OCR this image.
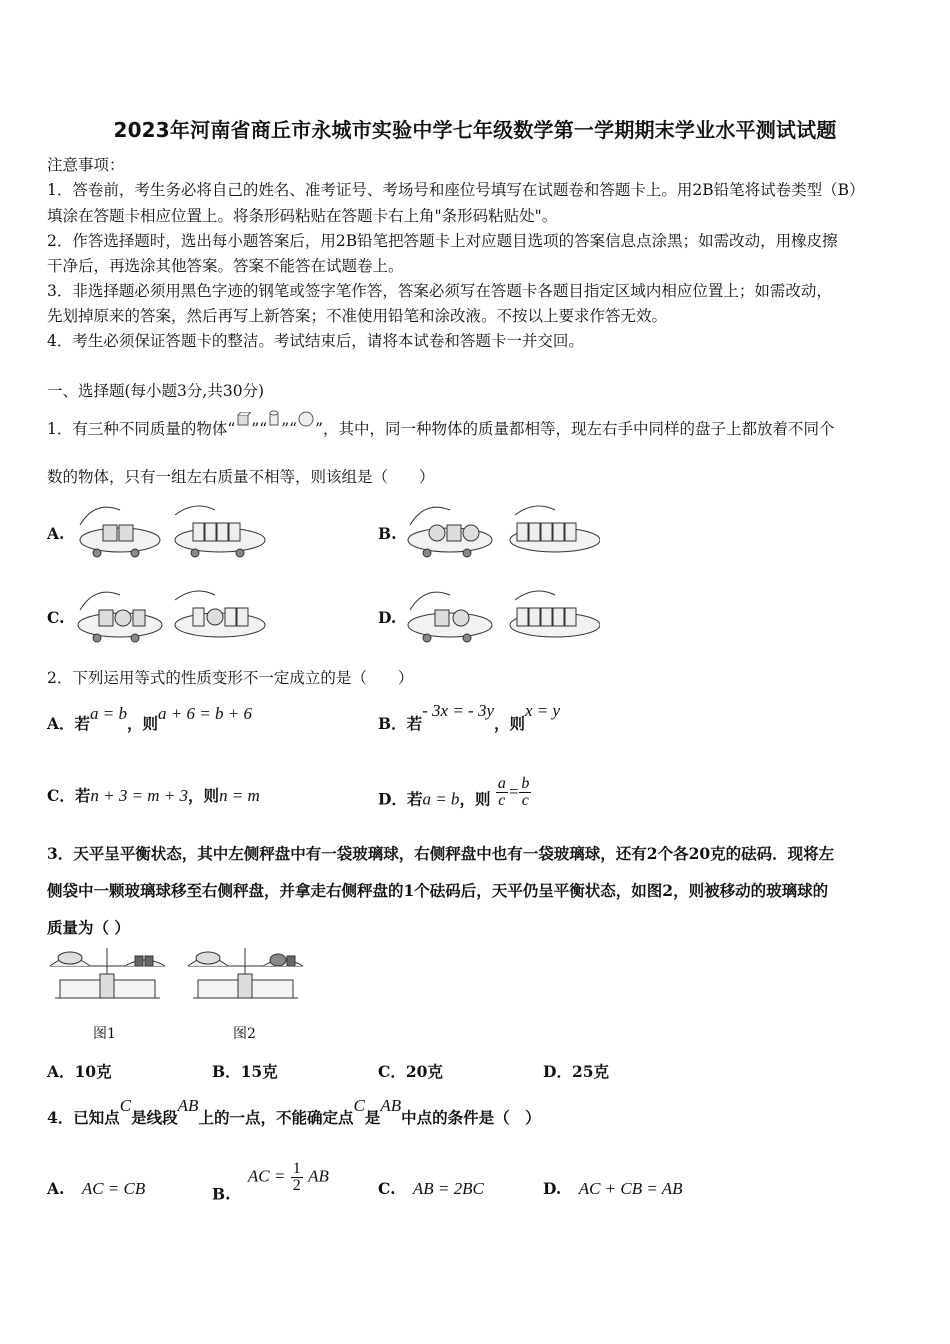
2023年河南省商丘市永城市实验中学七年级数学第一学期期末学业水平测试试题
注意事项：
1．答卷前，考生务必将自己的姓名、准考证号、考场号和座位号填写在试题卷和答题卡上。用2B铅笔将试卷类型（B）
填涂在答题卡相应位置上。将条形码粘贴在答题卡右上角"条形码粘贴处"。
2．作答选择题时，选出每小题答案后，用2B铅笔把答题卡上对应题目选项的答案信息点涂黑；如需改动，用橡皮擦
干净后，再选涂其他答案。答案不能答在试题卷上。
3．非选择题必须用黑色字迹的钢笔或签字笔作答，答案必须写在答题卡各题目指定区域内相应位置上；如需改动，
先划掉原来的答案，然后再写上新答案；不准使用铅笔和涂改液。不按以上要求作答无效。
4．考生必须保证答题卡的整洁。考试结束后，请将本试卷和答题卡一并交回。
一、选择题(每小题3分,共30分)
1．有三种不同质量的物体“ ”“ ”“ ”，其中，同一种物体的质量都相等，现左右手中同样的盘子上都放着不同个
数的物体，只有一组左右质量不相等，则该组是（　　）
A.	B.
C.	D.
2．下列运用等式的性质变形不一定成立的是（　　）
A．若a = b，则a + 6 = b + 6
B．若- 3x = - 3y，则x = y
C．若n + 3 = m + 3，则n = m	D．若a = b，则 $\frac{a}{c} = \frac{b}{c}$
3．天平呈平衡状态，其中左侧秤盘中有一袋玻璃球，右侧秤盘中也有一袋玻璃球，还有2个各20克的砝码．现将左
侧袋中一颗玻璃球移至右侧秤盘，并拿走右侧秤盘的1个砝码后，天平仍呈平衡状态，如图2，则被移动的玻璃球的
质量为（ ）
图1	图2
A．10克	B．15克	C．20克	D．25克
4．已知点C是线段AB上的一点，不能确定点C是AB中点的条件是（　）
A. AC = CB	B. AC = $\frac{1}{2}$ AB
C. AB = 2BC	D. AC + CB = AB
